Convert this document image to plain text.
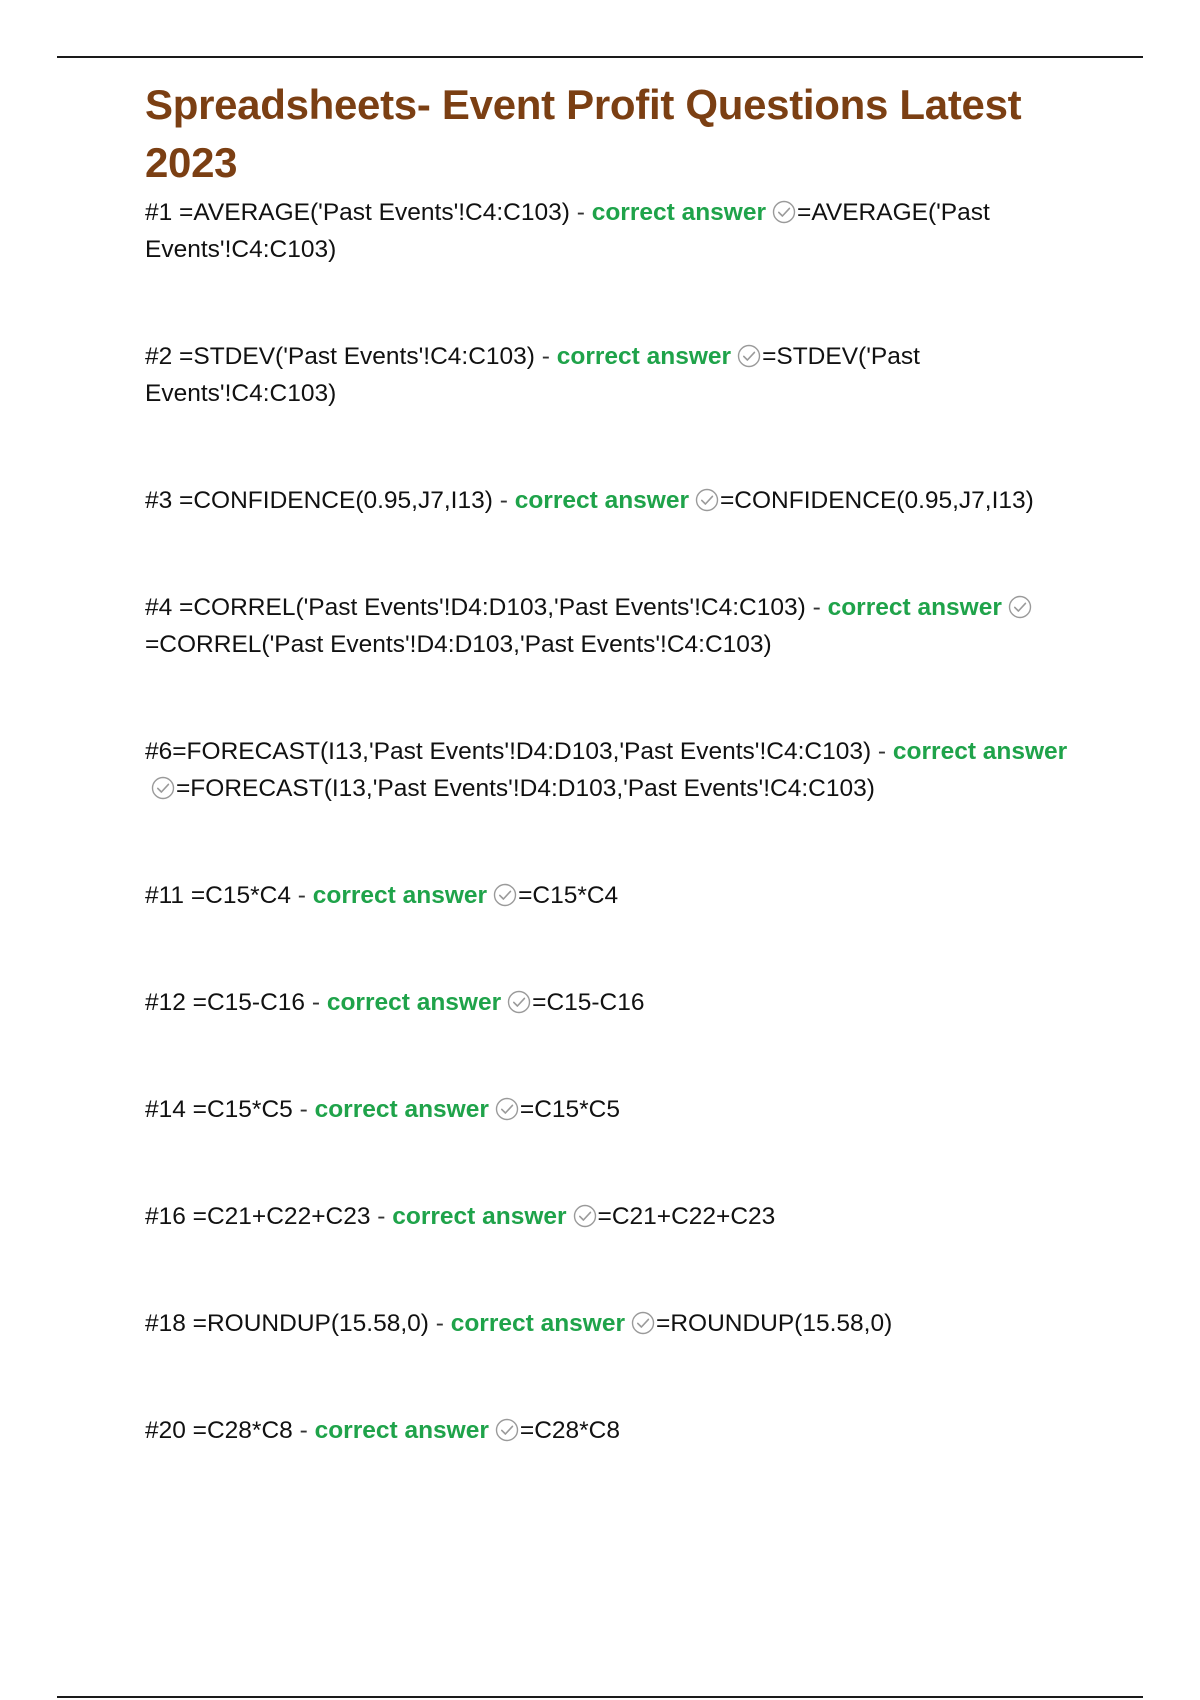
Spreadsheets- Event Profit Questions Latest 2023
#1 =AVERAGE('Past Events'!C4:C103) - correct answer =AVERAGE('Past Events'!C4:C103)
#2 =STDEV('Past Events'!C4:C103) - correct answer =STDEV('Past Events'!C4:C103)
#3 =CONFIDENCE(0.95,J7,I13) - correct answer =CONFIDENCE(0.95,J7,I13)
#4 =CORREL('Past Events'!D4:D103,'Past Events'!C4:C103) - correct answer
=CORREL('Past Events'!D4:D103,'Past Events'!C4:C103)
#6=FORECAST(I13,'Past Events'!D4:D103,'Past Events'!C4:C103) - correct answer
=FORECAST(I13,'Past Events'!D4:D103,'Past Events'!C4:C103)
#11 =C15*C4 - correct answer =C15*C4
#12 =C15-C16 - correct answer =C15-C16
#14 =C15*C5 - correct answer =C15*C5
#16 =C21+C22+C23 - correct answer =C21+C22+C23
#18 =ROUNDUP(15.58,0) - correct answer =ROUNDUP(15.58,0)
#20 =C28*C8 - correct answer =C28*C8
